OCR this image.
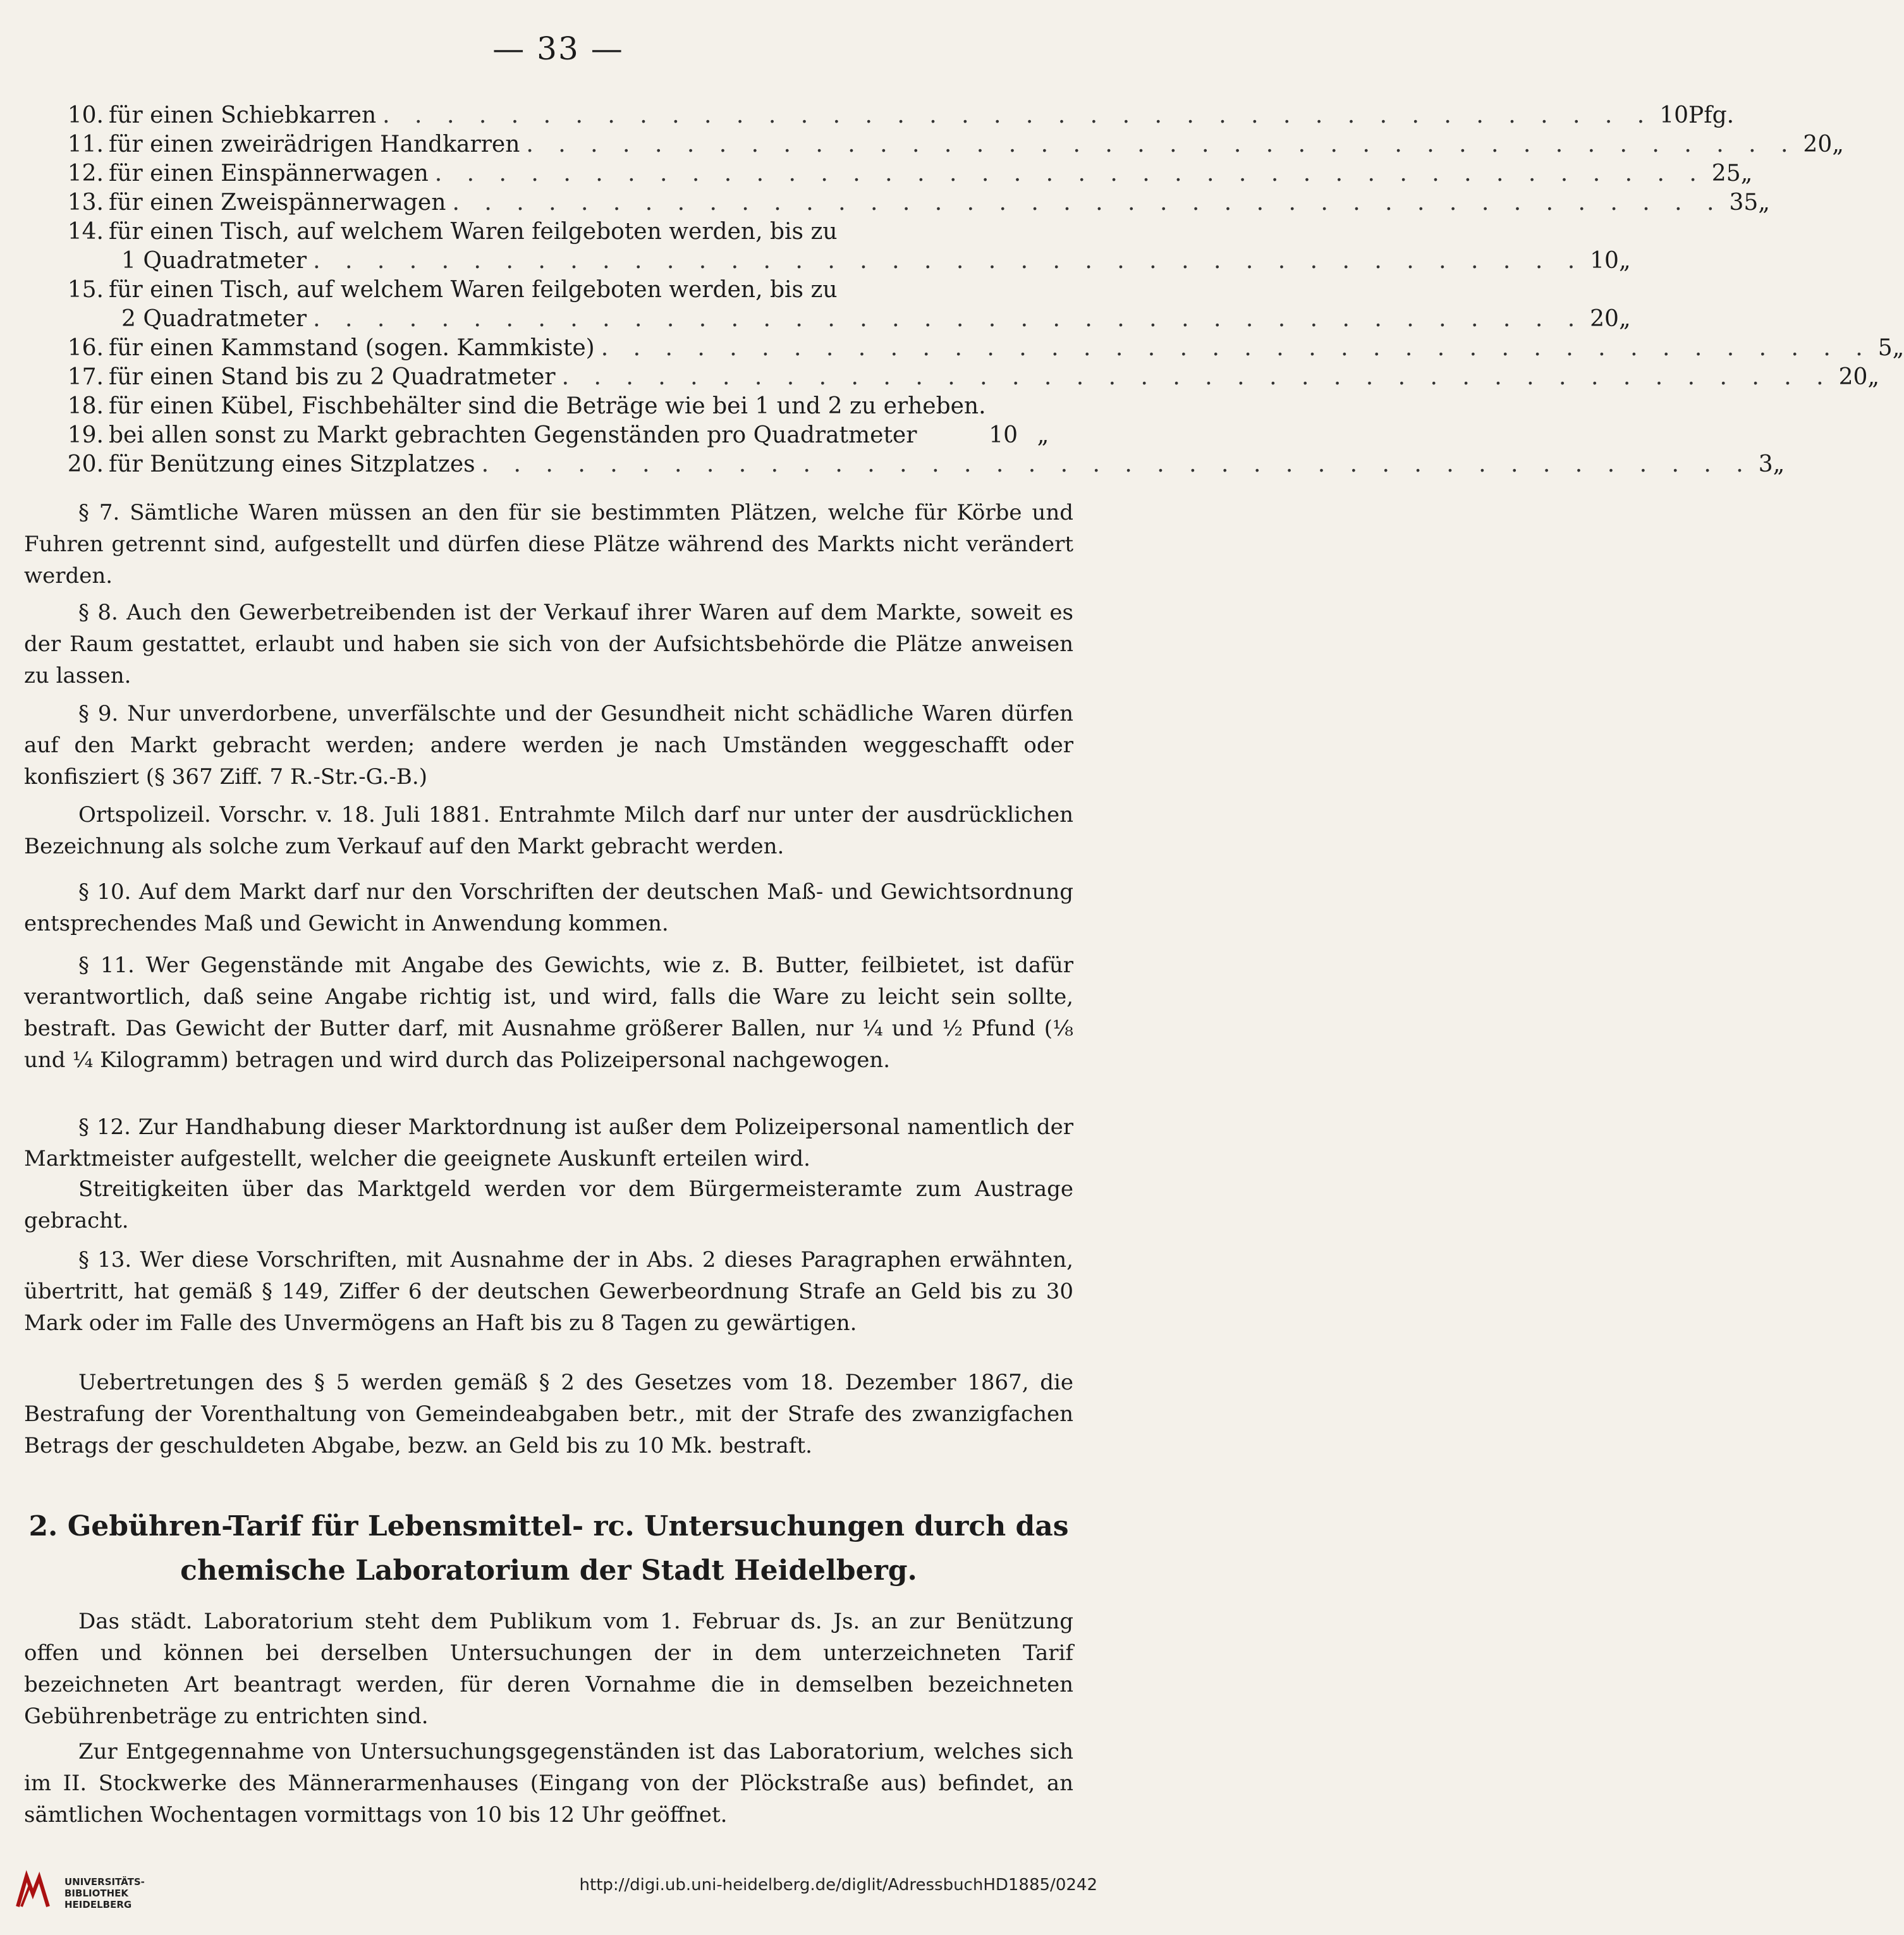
— 33 —
10. für einen Schiebkarren . . . . . . . . . . . . . . . . . . . . . . . . . . . . . . . . . . . . . . . . 10 Pfg.
11. für einen zweirädrigen Handkarren . . . . . . . . . . . . . . . . . . . . . . . . . . . . . . . . . . . . . . . . 20 „
12. für einen Einspännerwagen . . . . . . . . . . . . . . . . . . . . . . . . . . . . . . . . . . . . . . . . 25 „
13. für einen Zweispännerwagen . . . . . . . . . . . . . . . . . . . . . . . . . . . . . . . . . . . . . . . . 35 „
14. für einen Tisch, auf welchem Waren feilgeboten werden, bis zu
1 Quadratmeter . . . . . . . . . . . . . . . . . . . . . . . . . . . . . . . . . . . . . . . . 10 „
15. für einen Tisch, auf welchem Waren feilgeboten werden, bis zu
2 Quadratmeter . . . . . . . . . . . . . . . . . . . . . . . . . . . . . . . . . . . . . . . . 20 „
16. für einen Kammstand (sogen. Kammkiste) . . . . . . . . . . . . . . . . . . . . . . . . . . . . . . . . . . . . . . . . 5 „
17. für einen Stand bis zu 2 Quadratmeter . . . . . . . . . . . . . . . . . . . . . . . . . . . . . . . . . . . . . . . . 20 „
18. für einen Kübel, Fischbehälter sind die Beträge wie bei 1 und 2 zu erheben.
19. bei allen sonst zu Markt gebrachten Gegenständen pro Quadratmeter	10 „
20. für Benützung eines Sitzplatzes . . . . . . . . . . . . . . . . . . . . . . . . . . . . . . . . . . . . . . . . 3 „
§ 7. Sämtliche Waren müssen an den für sie bestimmten Plätzen, welche für Körbe und Fuhren getrennt sind, aufgestellt und dürfen diese Plätze während des Markts nicht verändert werden.
§ 8. Auch den Gewerbetreibenden ist der Verkauf ihrer Waren auf dem Markte, soweit es der Raum gestattet, erlaubt und haben sie sich von der Aufsichtsbehörde die Plätze anweisen zu lassen.
§ 9. Nur unverdorbene, unverfälschte und der Gesundheit nicht schädliche Waren dürfen auf den Markt gebracht werden; andere werden je nach Umständen weggeschafft oder konfisziert (§ 367 Ziff. 7 R.-Str.-G.-B.)
Ortspolizeil. Vorschr. v. 18. Juli 1881. Entrahmte Milch darf nur unter der ausdrücklichen Bezeichnung als solche zum Verkauf auf den Markt gebracht werden.
§ 10. Auf dem Markt darf nur den Vorschriften der deutschen Maß- und Gewichtsordnung entsprechendes Maß und Gewicht in Anwendung kommen.
§ 11. Wer Gegenstände mit Angabe des Gewichts, wie z. B. Butter, feilbietet, ist dafür verantwortlich, daß seine Angabe richtig ist, und wird, falls die Ware zu leicht sein sollte, bestraft. Das Gewicht der Butter darf, mit Ausnahme größerer Ballen, nur ¼ und ½ Pfund (⅛ und ¼ Kilogramm) betragen und wird durch das Polizeipersonal nachgewogen.
§ 12. Zur Handhabung dieser Marktordnung ist außer dem Polizeipersonal namentlich der Marktmeister aufgestellt, welcher die geeignete Auskunft erteilen wird.
Streitigkeiten über das Marktgeld werden vor dem Bürgermeisteramte zum Austrage gebracht.
§ 13. Wer diese Vorschriften, mit Ausnahme der in Abs. 2 dieses Paragraphen erwähnten, übertritt, hat gemäß § 149, Ziffer 6 der deutschen Gewerbeordnung Strafe an Geld bis zu 30 Mark oder im Falle des Unvermögens an Haft bis zu 8 Tagen zu gewärtigen.
Uebertretungen des § 5 werden gemäß § 2 des Gesetzes vom 18. Dezember 1867, die Bestrafung der Vorenthaltung von Gemeindeabgaben betr., mit der Strafe des zwanzigfachen Betrags der geschuldeten Abgabe, bezw. an Geld bis zu 10 Mk. bestraft.
2. Gebühren-Tarif für Lebensmittel- rc. Untersuchungen durch das
chemische Laboratorium der Stadt Heidelberg.
Das städt. Laboratorium steht dem Publikum vom 1. Februar ds. Js. an zur Benützung offen und können bei derselben Untersuchungen der in dem unterzeichneten Tarif bezeichneten Art beantragt werden, für deren Vornahme die in demselben bezeichneten Gebührenbeträge zu entrichten sind.
Zur Entgegennahme von Untersuchungsgegenständen ist das Laboratorium, welches sich im II. Stockwerke des Männerarmenhauses (Eingang von der Plöckstraße aus) befindet, an sämtlichen Wochentagen vormittags von 10 bis 12 Uhr geöffnet.
UNIVERSITÄTS-
BIBLIOTHEK
HEIDELBERG
http://digi.ub.uni-heidelberg.de/diglit/AdressbuchHD1885/0242
